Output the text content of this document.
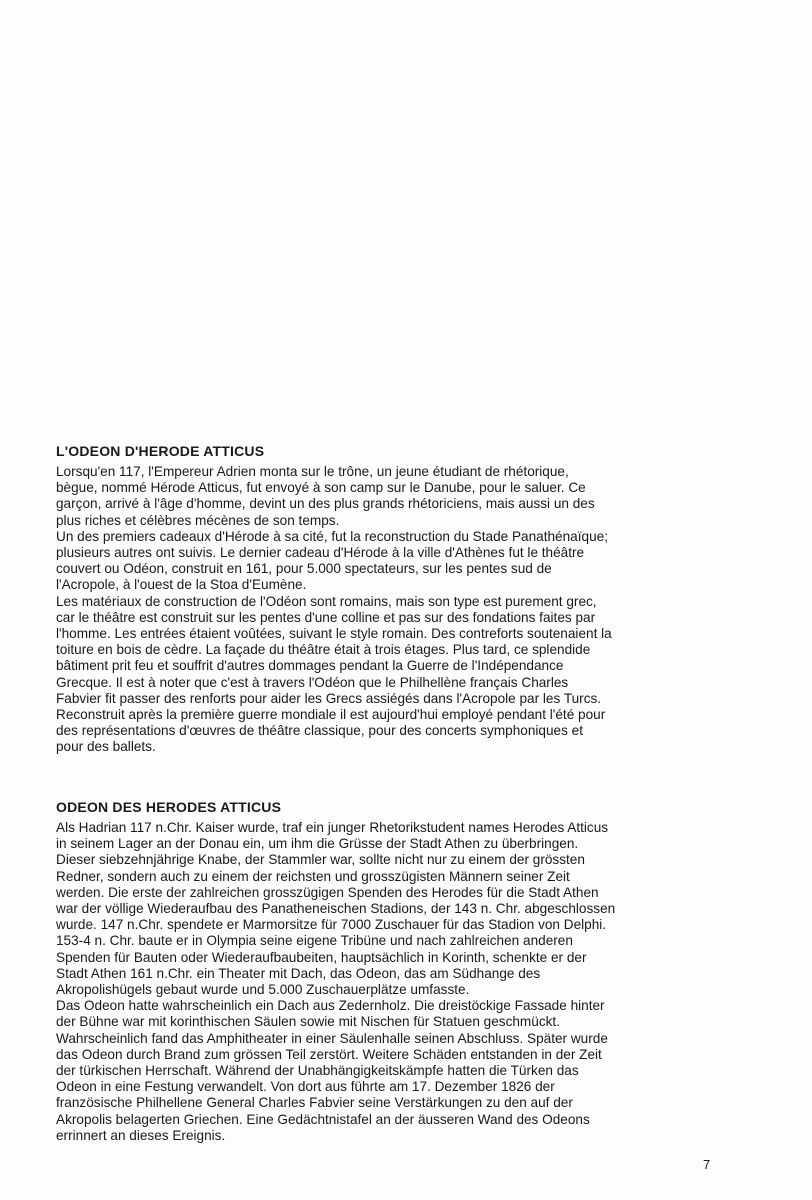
L'ODEON D'HERODE ATTICUS
Lorsqu'en 117, l'Empereur Adrien monta sur le trône, un jeune étudiant de rhétorique,
bègue, nommé Hérode Atticus, fut envoyé à son camp sur le Danube, pour le saluer. Ce
garçon, arrivé à l'âge d'homme, devint un des plus grands rhétoriciens, mais aussi un des
plus riches et célèbres mécènes de son temps.
Un des premiers cadeaux d'Hérode à sa cité, fut la reconstruction du Stade Panathénaïque;
plusieurs autres ont suivis. Le dernier cadeau d'Hérode à la ville d'Athènes fut le théâtre
couvert ou Odéon, construit en 161, pour 5.000 spectateurs, sur les pentes sud de
l'Acropole, à l'ouest de la Stoa d'Eumène.
Les matériaux de construction de l'Odéon sont romains, mais son type est purement grec,
car le théâtre est construit sur les pentes d'une colline et pas sur des fondations faites par
l'homme. Les entrées étaient voûtées, suivant le style romain. Des contreforts soutenaient la
toiture en bois de cèdre. La façade du théâtre était à trois étages. Plus tard, ce splendide
bâtiment prit feu et souffrit d'autres dommages pendant la Guerre de l'Indépendance
Grecque. Il est à noter que c'est à travers l'Odéon que le Philhellène français Charles
Fabvier fit passer des renforts pour aider les Grecs assiégés dans l'Acropole par les Turcs.
Reconstruit après la première guerre mondiale il est aujourd'hui employé pendant l'été pour
des représentations d'œuvres de théâtre classique, pour des concerts symphoniques et
pour des ballets.
ODEON DES HERODES ATTICUS
Als Hadrian 117 n.Chr. Kaiser wurde, traf ein junger Rhetorikstudent names Herodes Atticus
in seinem Lager an der Donau ein, um ihm die Grüsse der Stadt Athen zu überbringen.
Dieser siebzehnjährige Knabe, der Stammler war, sollte nicht nur zu einem der grössten
Redner, sondern auch zu einem der reichsten und grosszügisten Männern seiner Zeit
werden. Die erste der zahlreichen grosszügigen Spenden des Herodes für die Stadt Athen
war der völlige Wiederaufbau des Panatheneischen Stadions, der 143 n. Chr. abgeschlossen
wurde. 147 n.Chr. spendete er Marmorsitze für 7000 Zuschauer für das Stadion von Delphi.
153-4 n. Chr. baute er in Olympia seine eigene Tribüne und nach zahlreichen anderen
Spenden für Bauten oder Wiederaufbaubeiten, hauptsächlich in Korinth, schenkte er der
Stadt Athen 161 n.Chr. ein Theater mit Dach, das Odeon, das am Südhange des
Akropolishügels gebaut wurde und 5.000 Zuschauerplätze umfasste.
Das Odeon hatte wahrscheinlich ein Dach aus Zedernholz. Die dreistöckige Fassade hinter
der Bühne war mit korinthischen Säulen sowie mit Nischen für Statuen geschmückt.
Wahrscheinlich fand das Amphitheater in einer Säulenhalle seinen Abschluss. Später wurde
das Odeon durch Brand zum grössen Teil zerstört. Weitere Schäden entstanden in der Zeit
der türkischen Herrschaft. Während der Unabhängigkeitskämpfe hatten die Türken das
Odeon in eine Festung verwandelt. Von dort aus führte am 17. Dezember 1826 der
französische Philhellene General Charles Fabvier seine Verstärkungen zu den auf der
Akropolis belagerten Griechen. Eine Gedächtnistafel an der äusseren Wand des Odeons
errinnert an dieses Ereignis.
7
